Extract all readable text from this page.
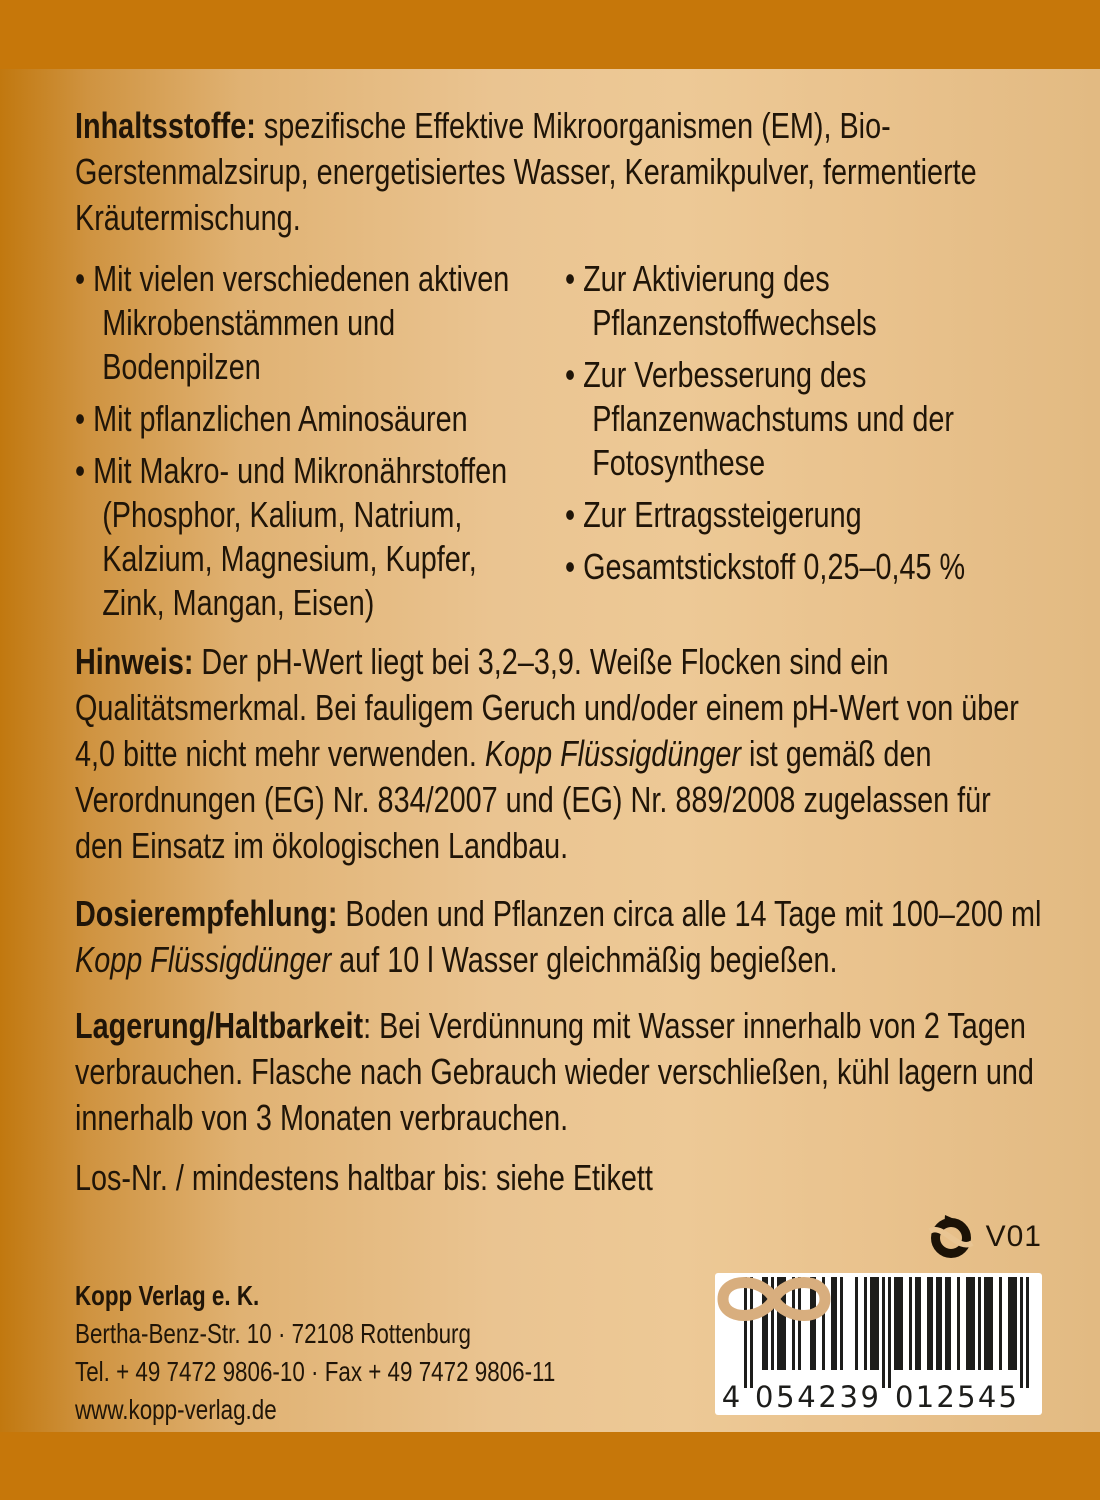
Inhaltsstoffe: spezifische Effektive Mikroorganismen (EM), Bio-Gerstenmalzsirup, energetisiertes Wasser, Keramikpulver, fermentierte Kräutermischung.

• Mit vielen verschiedenen aktiven Mikrobenstämmen und Bodenpilzen
• Mit pflanzlichen Aminosäuren
• Mit Makro- und Mikronährstoffen (Phosphor, Kalium, Natrium, Kalzium, Magnesium, Kupfer, Zink, Mangan, Eisen)
• Zur Aktivierung des Pflanzenstoffwechsels
• Zur Verbesserung des Pflanzenwachstums und der Fotosynthese
• Zur Ertragssteigerung
• Gesamtstickstoff 0,25–0,45 %

Hinweis: Der pH-Wert liegt bei 3,2–3,9. Weiße Flocken sind ein Qualitätsmerkmal. Bei fauligem Geruch und/oder einem pH-Wert von über 4,0 bitte nicht mehr verwenden. Kopp Flüssigdünger ist gemäß den Verordnungen (EG) Nr. 834/2007 und (EG) Nr. 889/2008 zugelassen für den Einsatz im ökologischen Landbau.

Dosierempfehlung: Boden und Pflanzen circa alle 14 Tage mit 100–200 ml Kopp Flüssigdünger auf 10 l Wasser gleichmäßig begießen.

Lagerung/Haltbarkeit: Bei Verdünnung mit Wasser innerhalb von 2 Tagen verbrauchen. Flasche nach Gebrauch wieder verschließen, kühl lagern und innerhalb von 3 Monaten verbrauchen.

Los-Nr. / mindestens haltbar bis: siehe Etikett

V01
Kopp Verlag e. K.
Bertha-Benz-Str. 10 · 72108 Rottenburg
Tel. + 49 7472 9806-10 · Fax + 49 7472 9806-11
www.kopp-verlag.de	4 0 5 4 2 3 9 0 1 2 5 4 5
